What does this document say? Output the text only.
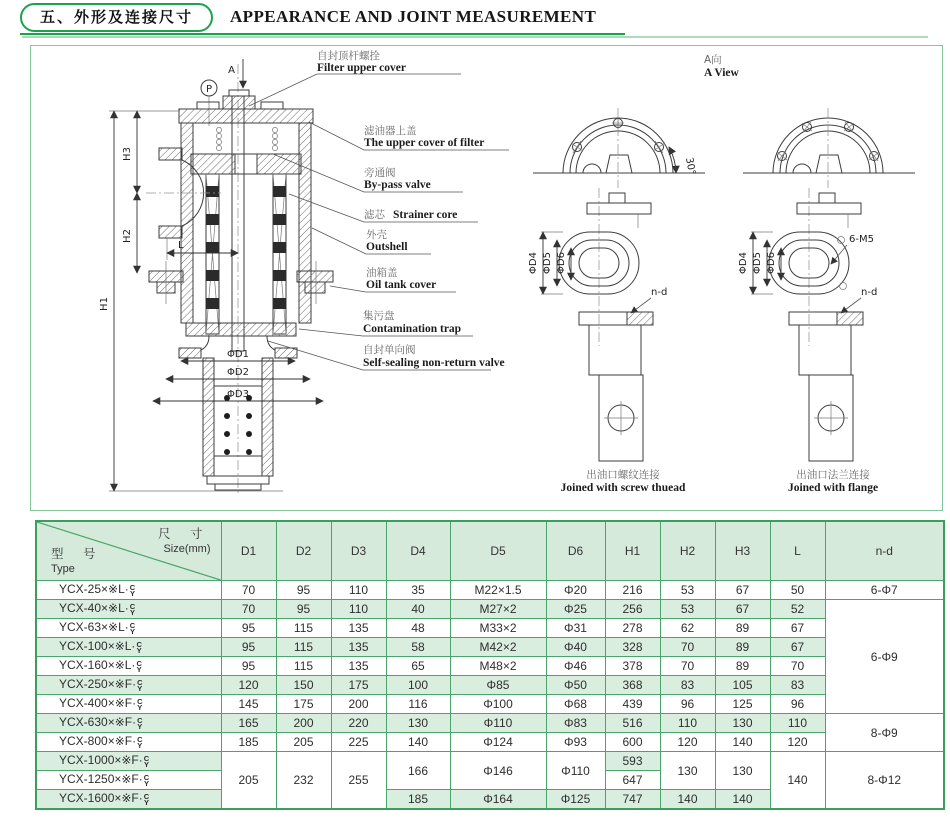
五、外形及连接尺寸	APPEARANCE AND JOINT MEASUREMENT
A
P
H1
H3
H2
L
ΦD1
ΦD2
ΦD3
自封顶杆螺拴
Filter upper cover
滤油器上盖
The upper cover of filter
旁通阀
By-pass valve
滤芯 Strainer core
外壳
Outshell
油箱盖
Oil tank cover
集污盘
Contamination trap
自封单向阀
Self-sealing non-return valve
A向
A View
30°
ΦD4 ΦD5 ΦD6
n-d
出油口螺纹连接
Joined with screw thuead
ΦD4 ΦD5 ΦD6
6-M5
n-d
出油口法兰连接
Joined with flange
尺 寸
Size(mm)
型 号
Type	D1	D2	D3	D4	D5	D6	H1	H2	H3	L	n-d
YCX-25×※L· C
Y	70	95	110	35	M22×1.5	Φ20	216	53	67	50	6-Φ7
YCX-40×※L· C
Y	70	95	110	40	M27×2	Φ25	256	53	67	52	6-Φ9
YCX-63×※L· C
Y	95	115	135	48	M33×2	Φ31	278	62	89	67	
YCX-100×※L· C
Y	95	115	135	58	M42×2	Φ40	328	70	89	67	
YCX-160×※L· C
Y	95	115	135	65	M48×2	Φ46	378	70	89	70	
YCX-250×※F· C
Y	120	150	175	100	Φ85	Φ50	368	83	105	83	
YCX-400×※F· C
Y	145	175	200	116	Φ100	Φ68	439	96	125	96	
YCX-630×※F· C
Y	165	200	220	130	Φ110	Φ83	516	110	130	110	8-Φ9
YCX-800×※F· C
Y	185	205	225	140	Φ124	Φ93	600	120	140	120	
YCX-1000×※F· C
Y	205	232	255	166	Φ146	Φ110	593	130	130	140	8-Φ12
YCX-1250×※F· C
Y							647				
YCX-1600×※F· C
Y				185	Φ164	Φ125	747	140	140		
